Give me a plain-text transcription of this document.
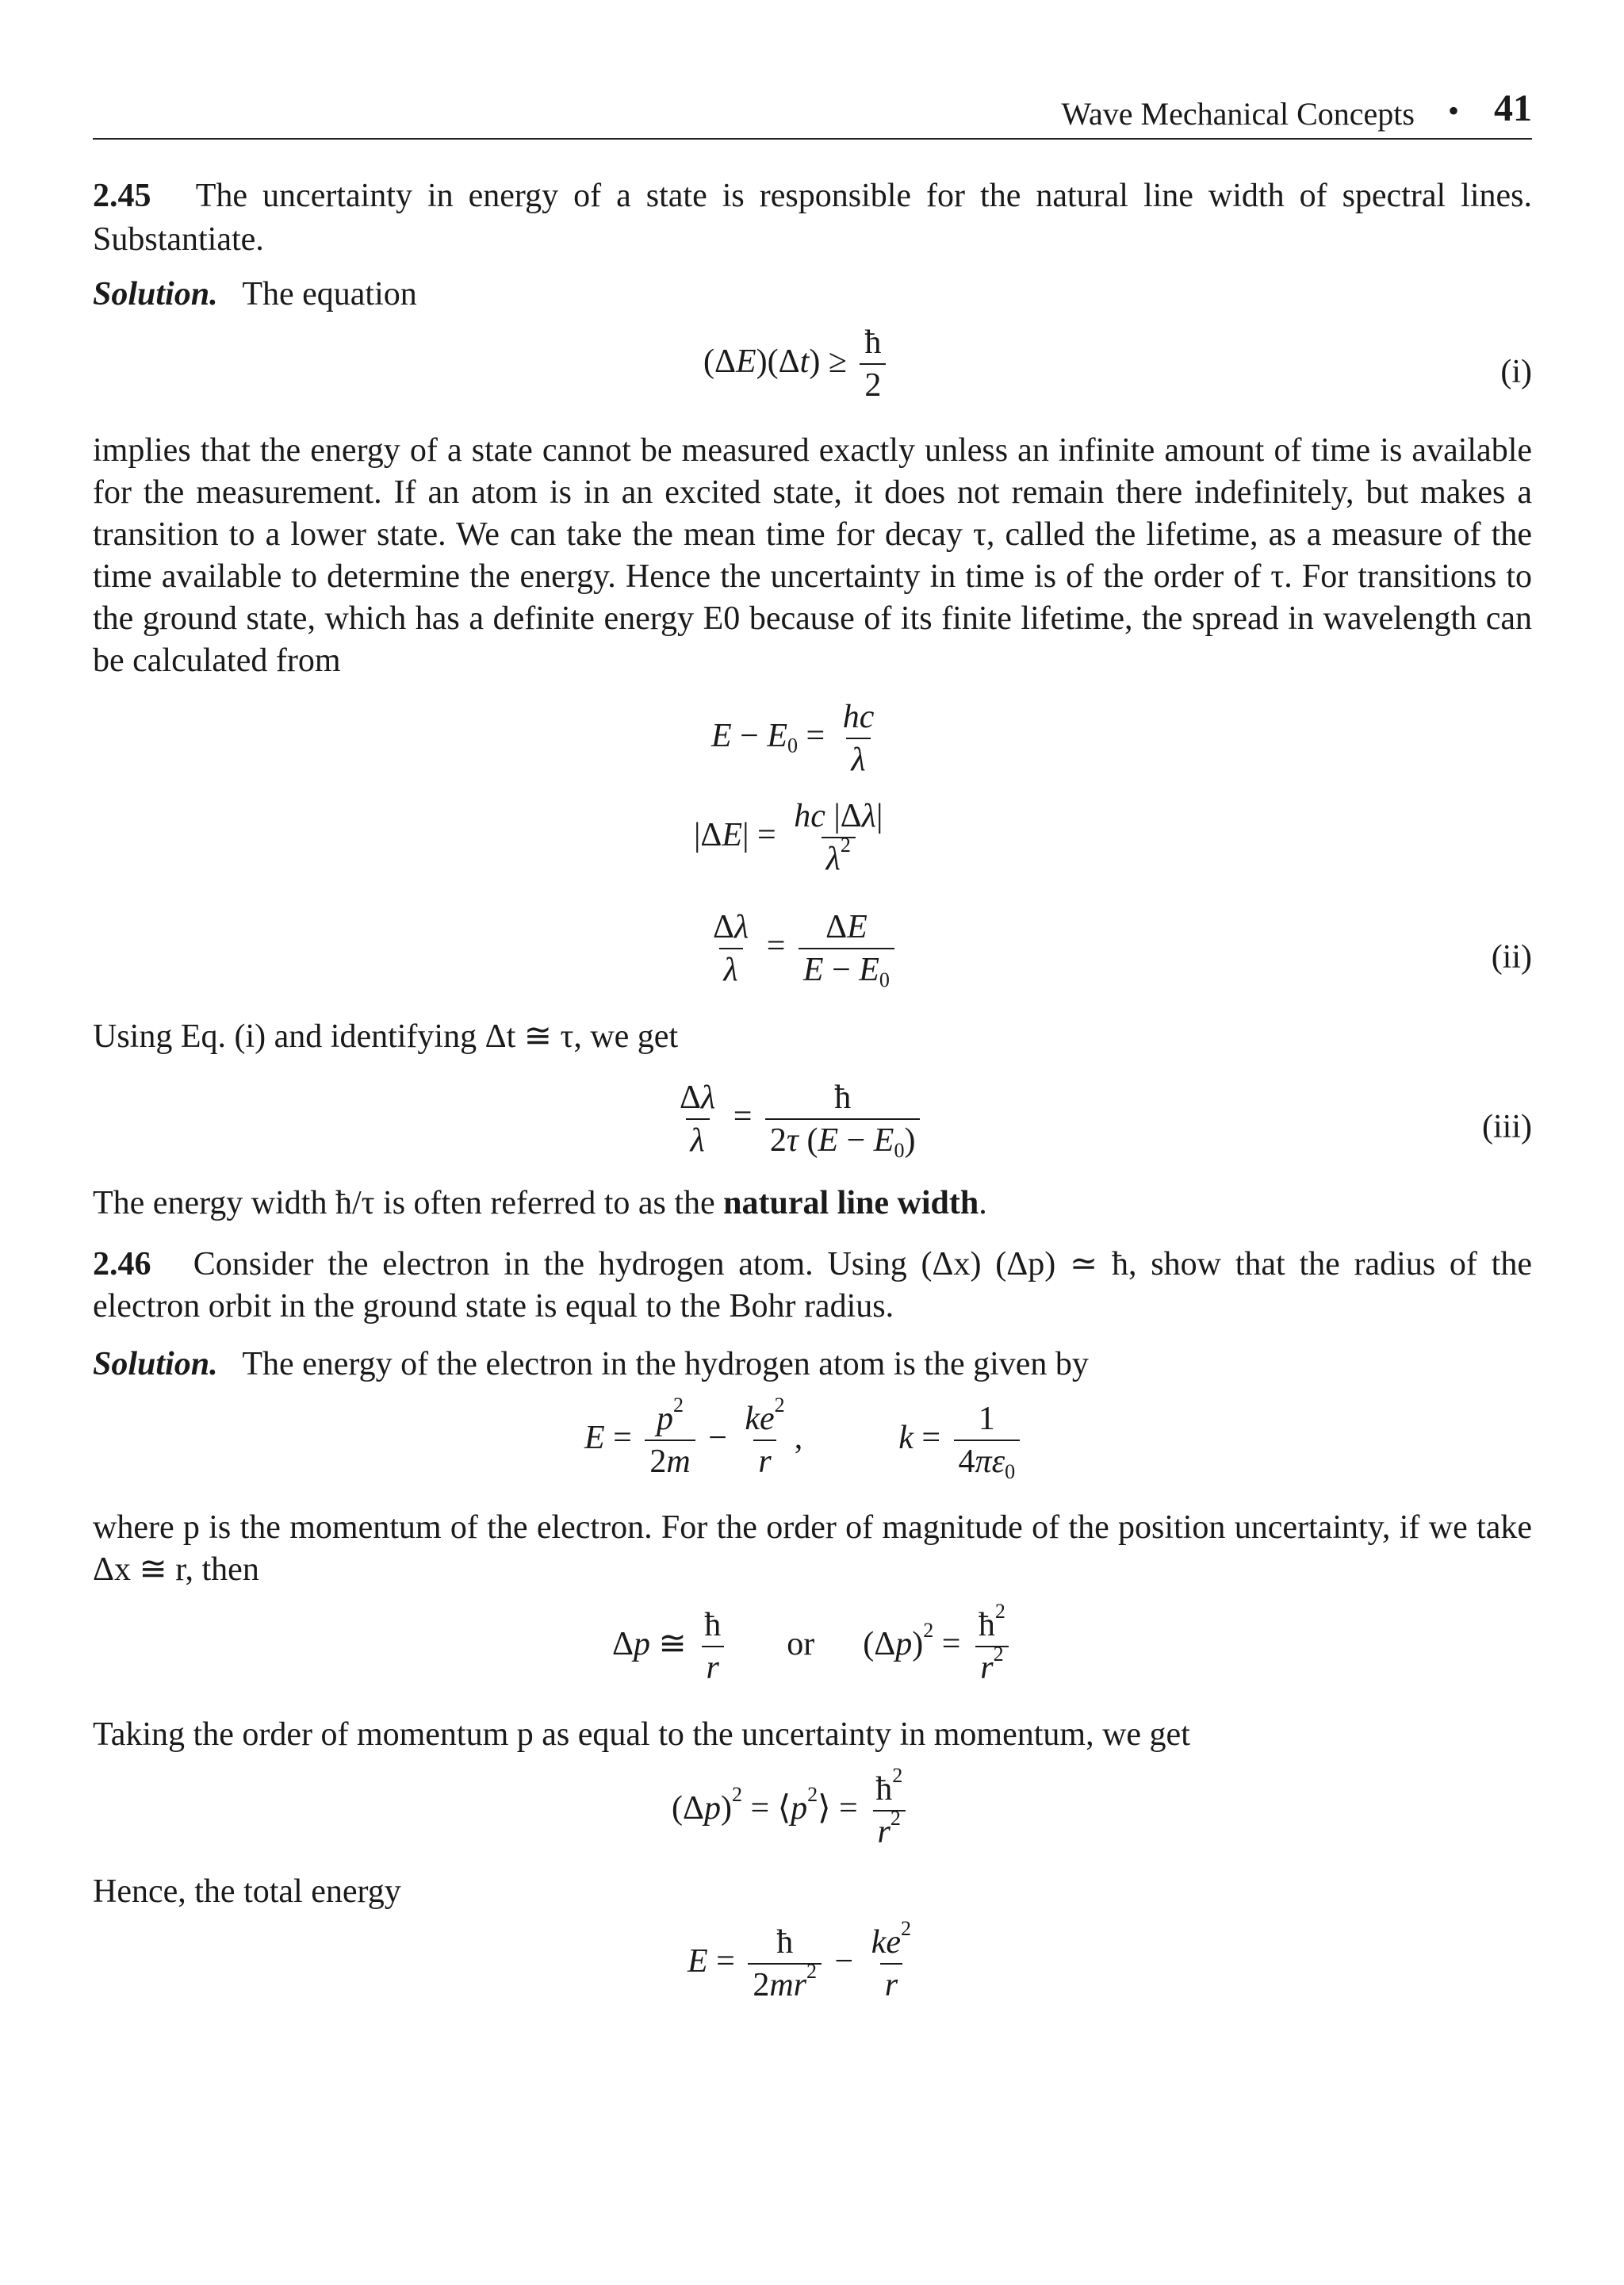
Wave Mechanical Concepts • 41

2.45 The uncertainty in energy of a state is responsible for the natural line width of spectral lines. Substantiate.

Solution. The equation

$(\Delta E)(\Delta t) \ge \frac{ħ}{2}$	(i)

implies that the energy of a state cannot be measured exactly unless an infinite amount of time is available for the measurement. If an atom is in an excited state, it does not remain there indefinitely, but makes a transition to a lower state. We can take the mean time for decay τ, called the lifetime, as a measure of the time available to determine the energy. Hence the uncertainty in time is of the order of τ. For transitions to the ground state, which has a definite energy E0 because of its finite lifetime, the spread in wavelength can be calculated from

$E - E_0 = \frac{hc}{\lambda}$
$|\Delta E| = \frac{hc |\Delta\lambda|}{\lambda^2}$
$\frac{\Delta\lambda}{\lambda} = \frac{\Delta E}{E - E_0}$	(ii)

Using Eq. (i) and identifying Δt ≅ τ, we get

$\frac{\Delta\lambda}{\lambda} = \frac{ħ}{2\tau (E - E_0)}$	(iii)

The energy width ħ/τ is often referred to as the natural line width.

2.46 Consider the electron in the hydrogen atom. Using (Δx) (Δp) ≃ ħ, show that the radius of the electron orbit in the ground state is equal to the Bohr radius.

Solution. The energy of the electron in the hydrogen atom is the given by

$E = \frac{p^2}{2m} - \frac{ke^2}{r}$ ,	$k = \frac{1}{4\pi\varepsilon_0}$

where p is the momentum of the electron. For the order of magnitude of the position uncertainty, if we take Δx ≅ r, then

Δp ≅ $\frac{ħ}{r}$ or  $(\Delta p)^2 = \frac{ħ^2}{r^2}$

Taking the order of momentum p as equal to the uncertainty in momentum, we get

$(\Delta p)^2$ = $⟨p^2⟩ = \frac{ħ^2}{r^2}$

Hence, the total energy

$E = \frac{ħ}{2mr^2} - \frac{ke^2}{r}$
